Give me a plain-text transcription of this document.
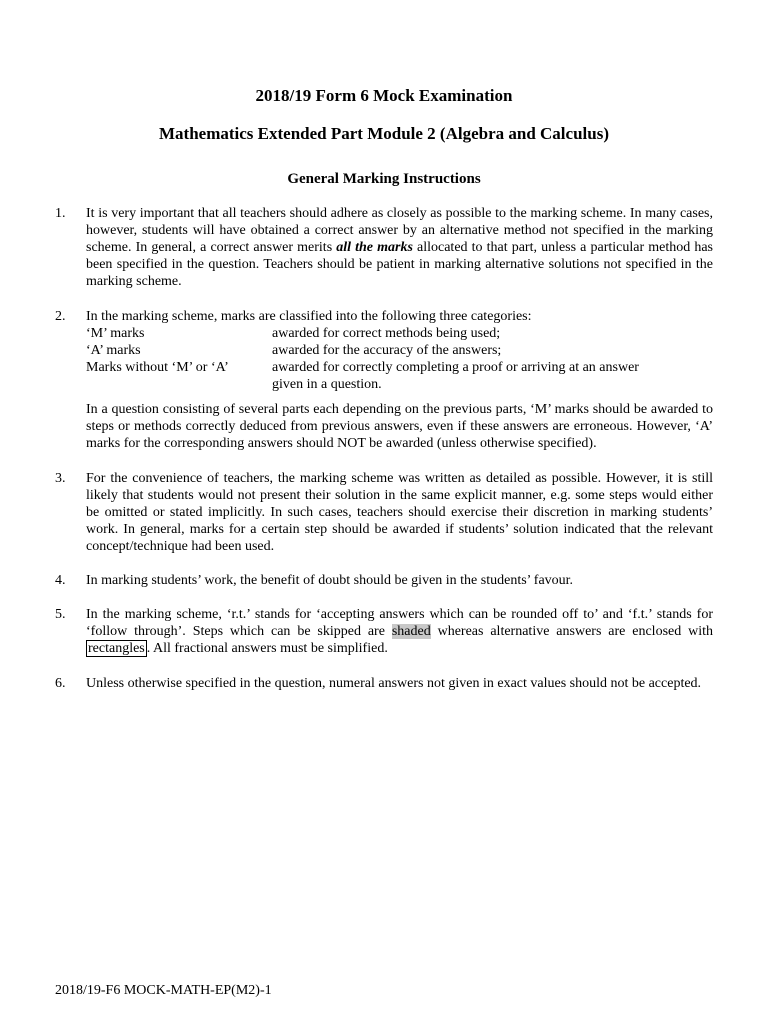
2018/19 Form 6 Mock Examination
Mathematics Extended Part Module 2 (Algebra and Calculus)
General Marking Instructions
1. It is very important that all teachers should adhere as closely as possible to the marking scheme. In many cases, however, students will have obtained a correct answer by an alternative method not specified in the marking scheme. In general, a correct answer merits all the marks allocated to that part, unless a particular method has been specified in the question. Teachers should be patient in marking alternative solutions not specified in the marking scheme.

2. In the marking scheme, marks are classified into the following three categories:

‘M’ marks	awarded for correct methods being used;
‘A’ marks	awarded for the accuracy of the answers;
Marks without ‘M’ or ‘A’	awarded for correctly completing a proof or arriving at an answer given in a question.

In a question consisting of several parts each depending on the previous parts, ‘M’ marks should be awarded to steps or methods correctly deduced from previous answers, even if these answers are erroneous. However, ‘A’ marks for the corresponding answers should NOT be awarded (unless otherwise specified).

3. For the convenience of teachers, the marking scheme was written as detailed as possible. However, it is still likely that students would not present their solution in the same explicit manner, e.g. some steps would either be omitted or stated implicitly. In such cases, teachers should exercise their discretion in marking students’ work. In general, marks for a certain step should be awarded if students’ solution indicated that the relevant concept/technique had been used.

4. In marking students’ work, the benefit of doubt should be given in the students’ favour.

5. In the marking scheme, ‘r.t.’ stands for ‘accepting answers which can be rounded off to’ and ‘f.t.’ stands for ‘follow through’. Steps which can be skipped are shaded whereas alternative answers are enclosed with rectangles . All fractional answers must be simplified.

6. Unless otherwise specified in the question, numeral answers not given in exact values should not be accepted.

2018/19-F6 MOCK-MATH-EP(M2)-1
